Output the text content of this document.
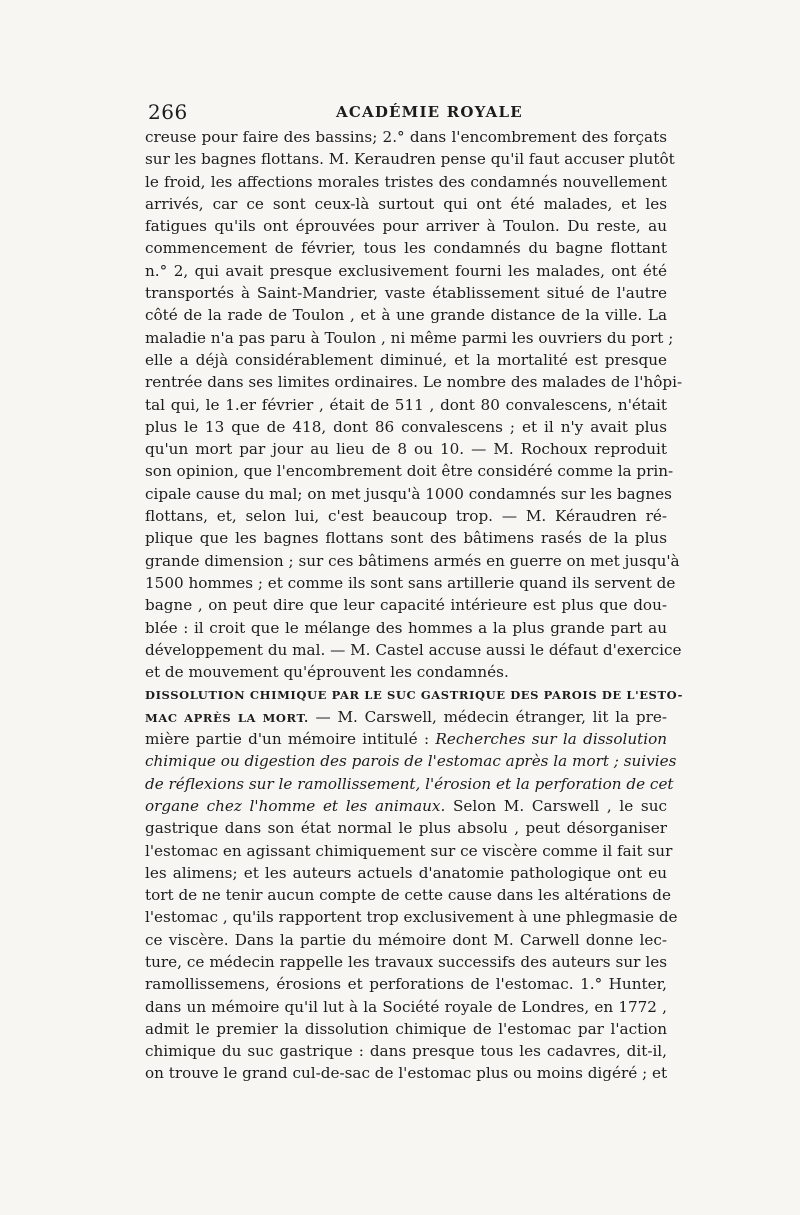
266	ACADÉMIE ROYALE
creuse pour faire des bassins; 2.° dans l'encombrement des forçats
sur les bagnes flottans. M. Keraudren pense qu'il faut accuser plutôt
le froid, les affections morales tristes des condamnés nouvellement
arrivés, car ce sont ceux-là surtout qui ont été malades, et les
fatigues qu'ils ont éprouvées pour arriver à Toulon. Du reste, au
commencement de février, tous les condamnés du bagne flottant
n.° 2, qui avait presque exclusivement fourni les malades, ont été
transportés à Saint-Mandrier, vaste établissement situé de l'autre
côté de la rade de Toulon , et à une grande distance de la ville. La
maladie n'a pas paru à Toulon , ni même parmi les ouvriers du port ;
elle a déjà considérablement diminué, et la mortalité est presque
rentrée dans ses limites ordinaires. Le nombre des malades de l'hôpi-
tal qui, le 1.er février , était de 511 , dont 80 convalescens, n'était
plus le 13 que de 418, dont 86 convalescens ; et il n'y avait plus
qu'un mort par jour au lieu de 8 ou 10. — M. Rochoux reproduit
son opinion, que l'encombrement doit être considéré comme la prin-
cipale cause du mal; on met jusqu'à 1000 condamnés sur les bagnes
flottans, et, selon lui, c'est beaucoup trop. — M. Kéraudren ré-
plique que les bagnes flottans sont des bâtimens rasés de la plus
grande dimension ; sur ces bâtimens armés en guerre on met jusqu'à
1500 hommes ; et comme ils sont sans artillerie quand ils servent de
bagne , on peut dire que leur capacité intérieure est plus que dou-
blée : il croit que le mélange des hommes a la plus grande part au
développement du mal. — M. Castel accuse aussi le défaut d'exercice
et de mouvement qu'éprouvent les condamnés.
DISSOLUTION CHIMIQUE PAR LE SUC GASTRIQUE DES PAROIS DE L'ESTO-
MAC APRÈS LA MORT. — M. Carswell, médecin étranger, lit la pre-
mière partie d'un mémoire intitulé : Recherches sur la dissolution
chimique ou digestion des parois de l'estomac après la mort ; suivies
de réflexions sur le ramollissement, l'érosion et la perforation de cet
organe chez l'homme et les animaux. Selon M. Carswell , le suc
gastrique dans son état normal le plus absolu , peut désorganiser
l'estomac en agissant chimiquement sur ce viscère comme il fait sur
les alimens; et les auteurs actuels d'anatomie pathologique ont eu
tort de ne tenir aucun compte de cette cause dans les altérations de
l'estomac , qu'ils rapportent trop exclusivement à une phlegmasie de
ce viscère. Dans la partie du mémoire dont M. Carwell donne lec-
ture, ce médecin rappelle les travaux successifs des auteurs sur les
ramollissemens, érosions et perforations de l'estomac. 1.° Hunter,
dans un mémoire qu'il lut à la Société royale de Londres, en 1772 ,
admit le premier la dissolution chimique de l'estomac par l'action
chimique du suc gastrique : dans presque tous les cadavres, dit-il,
on trouve le grand cul-de-sac de l'estomac plus ou moins digéré ; et
